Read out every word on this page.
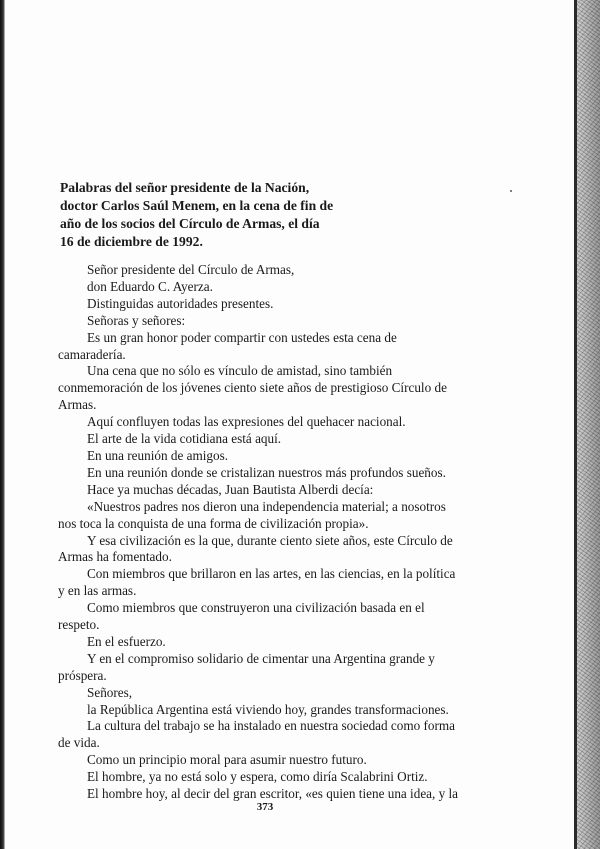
Palabras del señor presidente de la Nación,
doctor Carlos Saúl Menem, en la cena de fin de
año de los socios del Círculo de Armas, el día
16 de diciembre de 1992.
Señor presidente del Círculo de Armas,
don Eduardo C. Ayerza.
Distinguidas autoridades presentes.
Señoras y señores:
Es un gran honor poder compartir con ustedes esta cena de
camaradería.
Una cena que no sólo es vínculo de amistad, sino también
conmemoración de los jóvenes ciento siete años de prestigioso Círculo de
Armas.
Aquí confluyen todas las expresiones del quehacer nacional.
El arte de la vida cotidiana está aquí.
En una reunión de amigos.
En una reunión donde se cristalizan nuestros más profundos sueños.
Hace ya muchas décadas, Juan Bautista Alberdi decía:
«Nuestros padres nos dieron una independencia material; a nosotros
nos toca la conquista de una forma de civilización propia».
Y esa civilización es la que, durante ciento siete años, este Círculo de
Armas ha fomentado.
Con miembros que brillaron en las artes, en las ciencias, en la política
y en las armas.
Como miembros que construyeron una civilización basada en el
respeto.
En el esfuerzo.
Y en el compromiso solidario de cimentar una Argentina grande y
próspera.
Señores,
la República Argentina está viviendo hoy, grandes transformaciones.
La cultura del trabajo se ha instalado en nuestra sociedad como forma
de vida.
Como un principio moral para asumir nuestro futuro.
El hombre, ya no está solo y espera, como diría Scalabrini Ortiz.
El hombre hoy, al decir del gran escritor, «es quien tiene una idea, y la
373
